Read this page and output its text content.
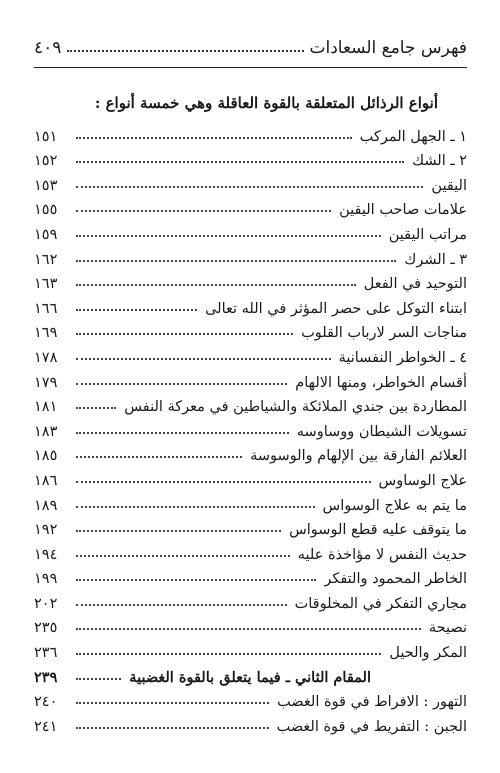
فهرس جامع السعادات
٤٠٩
أنواع الرذائل المتعلقة بالقوة العاقلة وهي خمسة أنواع :
١ ـ الجهل المركب
١٥١
٢ ـ الشك
١٥٢
اليقين
١٥٣
علامات صاحب اليقين
١٥٥
مراتب اليقين
١٥٩
٣ ـ الشرك
١٦٢
التوحيد في الفعل
١٦٣
ابتناء التوكل على حصر المؤثر في الله تعالى
١٦٦
مناجات السر لارباب القلوب
١٦٩
٤ ـ الخواطر النفسانية
١٧٨
أقسام الخواطر، ومنها الالهام
١٧٩
المطاردة بين جندي الملائكة والشياطين في معركة النفس
١٨١
تسويلات الشيطان ووساوسه
١٨٣
العلائم الفارقة بين الإلهام والوسوسة
١٨٥
علاج الوساوس
١٨٦
ما يتم به علاج الوسواس
١٨٩
ما يتوقف عليه قطع الوسواس
١٩٢
حديث النفس لا مؤاخذة عليه
١٩٤
الخاطر المحمود والتفكر
١٩٩
مجاري التفكر في المخلوقات
٢٠٢
نصيحة
٢٣٥
المكر والحيل
٢٣٦
المقام الثاني ـ فيما يتعلق بالقوة الغضبية
٢٣٩
التهور : الافراط في قوة الغضب
٢٤٠
الجبن : التفريط في قوة الغضب
٢٤١
